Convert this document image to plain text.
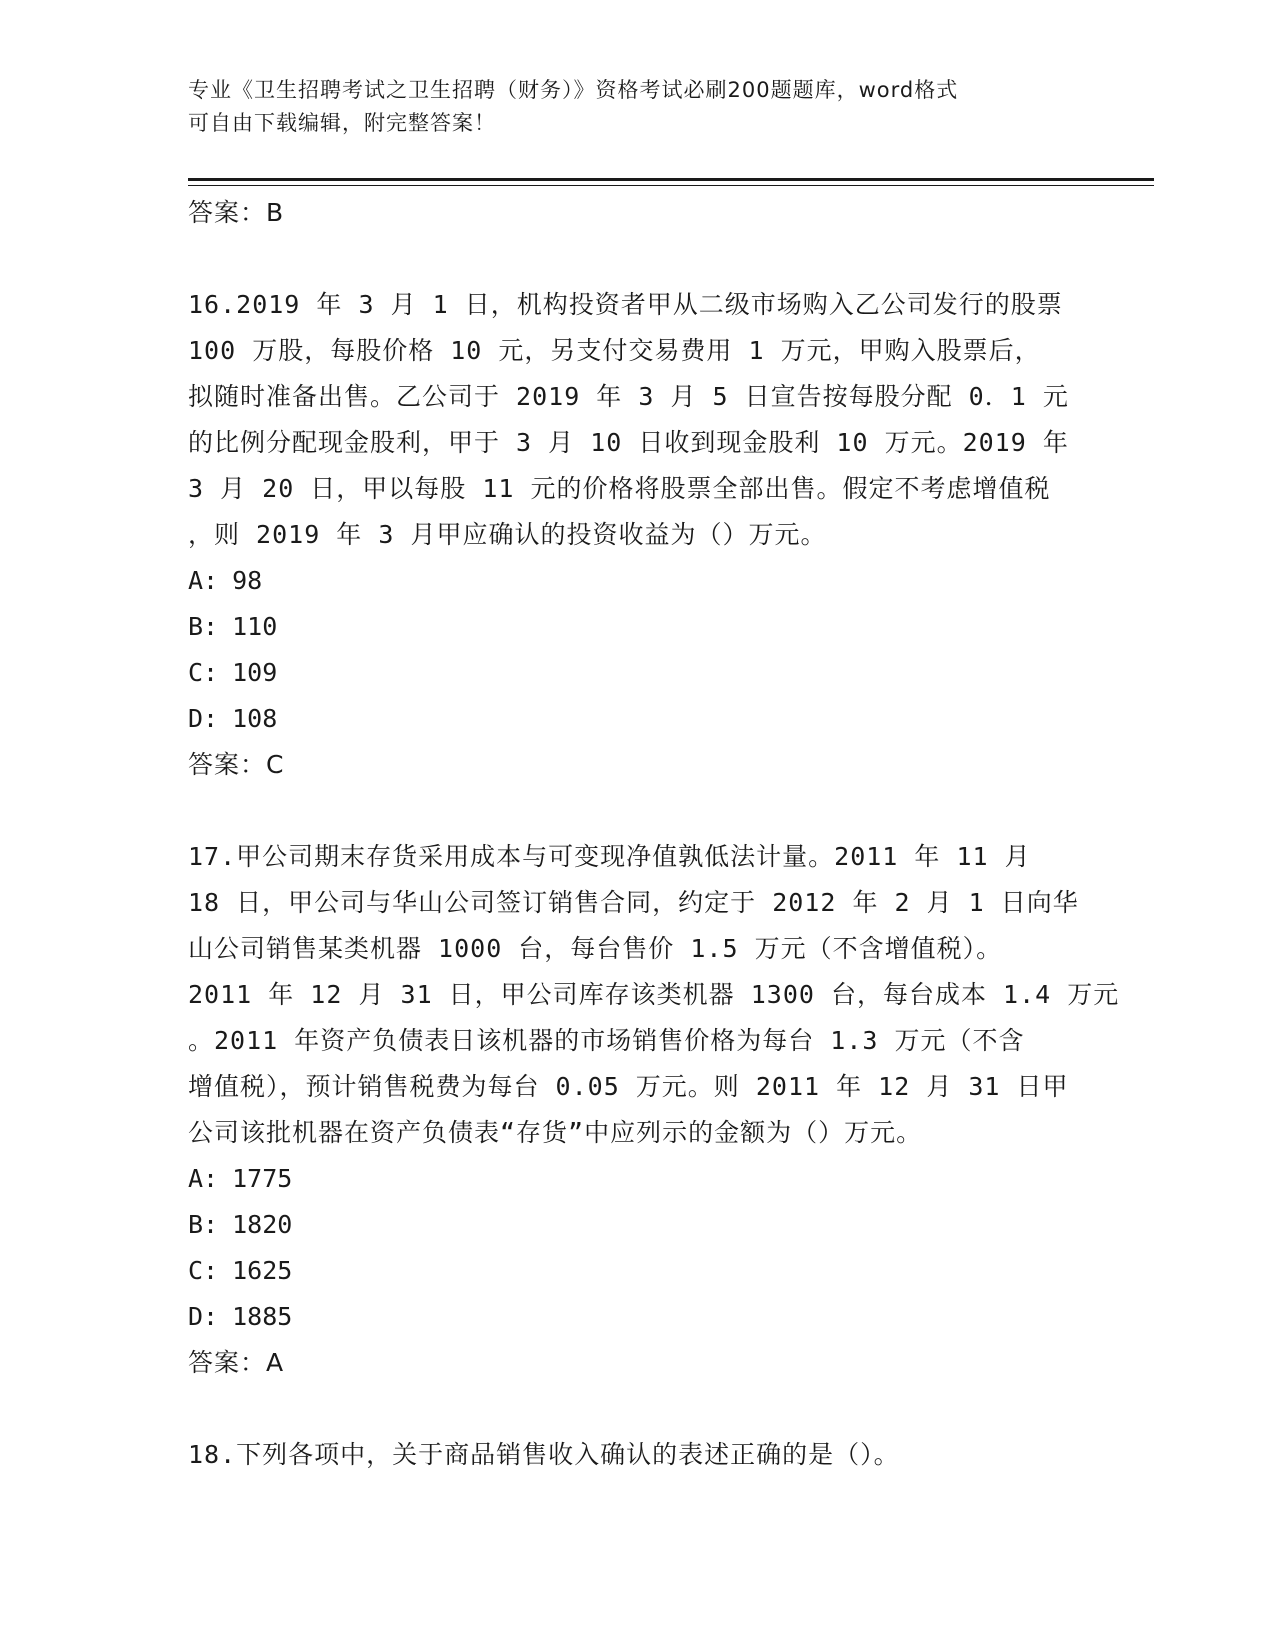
专业《卫生招聘考试之卫生招聘（财务）》资格考试必刷200题题库，word格式
可自由下载编辑，附完整答案！
答案：B
16.2019 年 3 月 1 日，机构投资者甲从二级市场购入乙公司发行的股票
100 万股，每股价格 10 元，另支付交易费用 1 万元，甲购入股票后，
拟随时准备出售。乙公司于 2019 年 3 月 5 日宣告按每股分配 0．1 元
的比例分配现金股利，甲于 3 月 10 日收到现金股利 10 万元。2019 年
3 月 20 日，甲以每股 11 元的价格将股票全部出售。假定不考虑增值税
，则 2019 年 3 月甲应确认的投资收益为（）万元。
A: 98
B: 110
C: 109
D: 108
答案：C
17.甲公司期末存货采用成本与可变现净值孰低法计量。2011 年 11 月
18 日，甲公司与华山公司签订销售合同，约定于 2012 年 2 月 1 日向华
山公司销售某类机器 1000 台，每台售价 1.5 万元（不含增值税）。
2011 年 12 月 31 日，甲公司库存该类机器 1300 台，每台成本 1.4 万元
。2011 年资产负债表日该机器的市场销售价格为每台 1.3 万元（不含
增值税），预计销售税费为每台 0.05 万元。则 2011 年 12 月 31 日甲
公司该批机器在资产负债表“存货”中应列示的金额为（）万元。
A: 1775
B: 1820
C: 1625
D: 1885
答案：A
18.下列各项中，关于商品销售收入确认的表述正确的是（）。
